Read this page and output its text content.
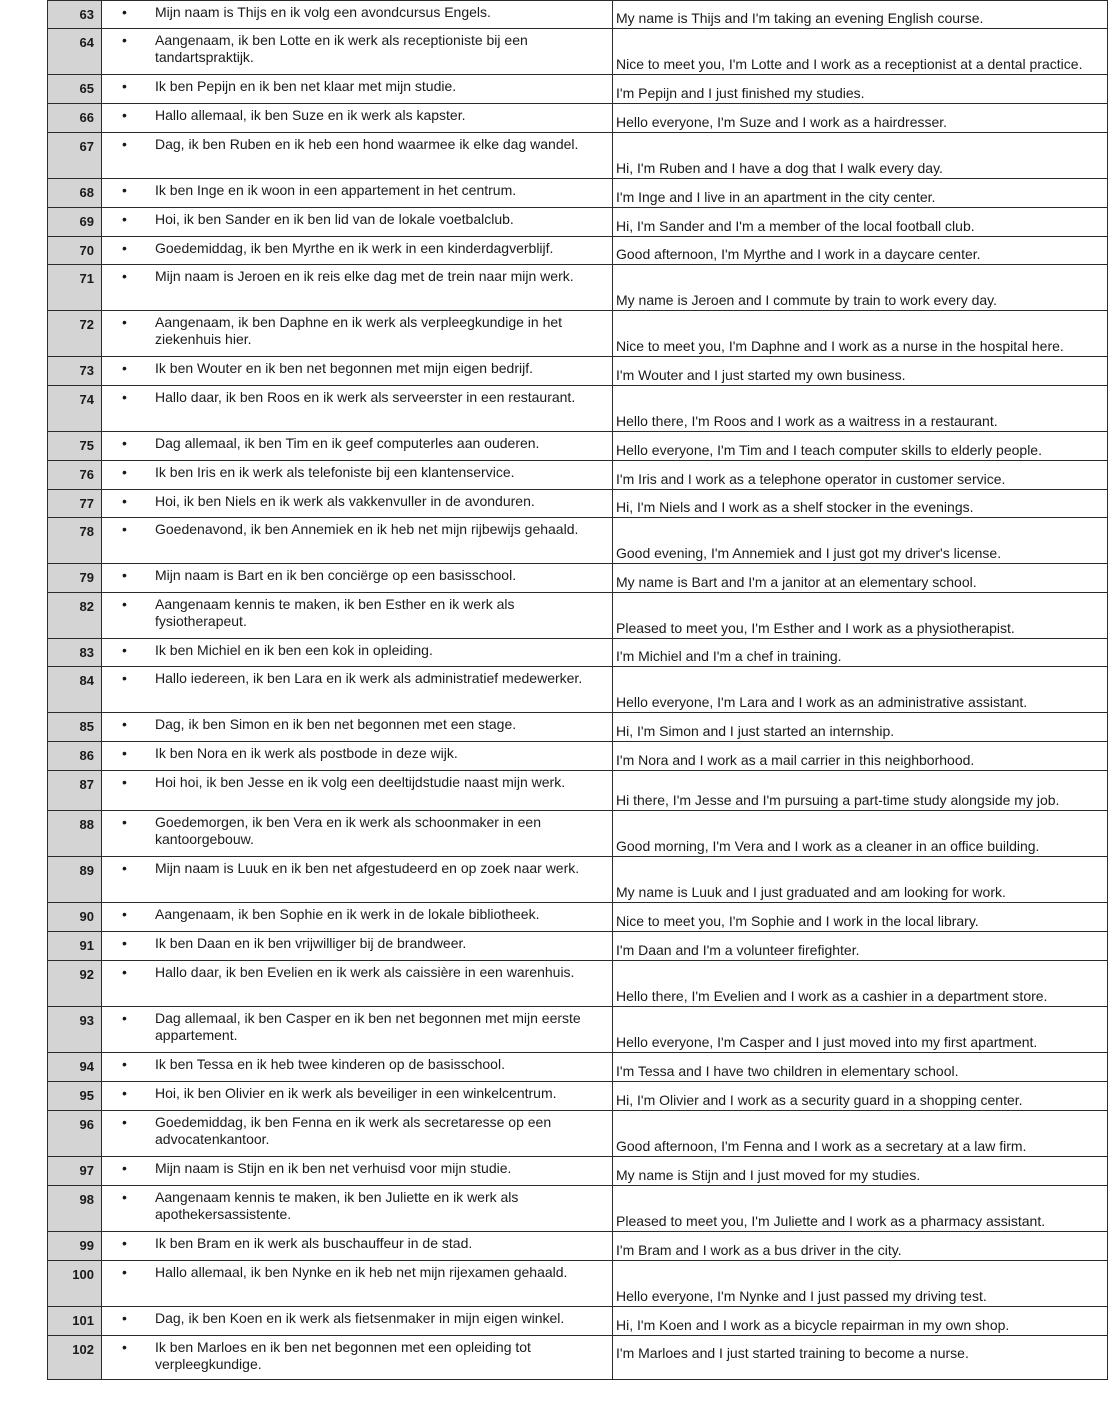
63	• Mijn naam is Thijs en ik volg een avondcursus Engels.	My name is Thijs and I'm taking an evening English course.
64	• Aangenaam, ik ben Lotte en ik werk als receptioniste bij een tandartspraktijk.	Nice to meet you, I'm Lotte and I work as a receptionist at a dental practice.
65	• Ik ben Pepijn en ik ben net klaar met mijn studie.	I'm Pepijn and I just finished my studies.
66	• Hallo allemaal, ik ben Suze en ik werk als kapster.	Hello everyone, I'm Suze and I work as a hairdresser.
67	• Dag, ik ben Ruben en ik heb een hond waarmee ik elke dag wandel.	Hi, I'm Ruben and I have a dog that I walk every day.
68	• Ik ben Inge en ik woon in een appartement in het centrum.	I'm Inge and I live in an apartment in the city center.
69	• Hoi, ik ben Sander en ik ben lid van de lokale voetbalclub.	Hi, I'm Sander and I'm a member of the local football club.
70	• Goedemiddag, ik ben Myrthe en ik werk in een kinderdagverblijf.	Good afternoon, I'm Myrthe and I work in a daycare center.
71	• Mijn naam is Jeroen en ik reis elke dag met de trein naar mijn werk.	My name is Jeroen and I commute by train to work every day.
72	• Aangenaam, ik ben Daphne en ik werk als verpleegkundige in het ziekenhuis hier.	Nice to meet you, I'm Daphne and I work as a nurse in the hospital here.
73	• Ik ben Wouter en ik ben net begonnen met mijn eigen bedrijf.	I'm Wouter and I just started my own business.
74	• Hallo daar, ik ben Roos en ik werk als serveerster in een restaurant.	Hello there, I'm Roos and I work as a waitress in a restaurant.
75	• Dag allemaal, ik ben Tim en ik geef computerles aan ouderen.	Hello everyone, I'm Tim and I teach computer skills to elderly people.
76	• Ik ben Iris en ik werk als telefoniste bij een klantenservice.	I'm Iris and I work as a telephone operator in customer service.
77	• Hoi, ik ben Niels en ik werk als vakkenvuller in de avonduren.	Hi, I'm Niels and I work as a shelf stocker in the evenings.
78	• Goedenavond, ik ben Annemiek en ik heb net mijn rijbewijs gehaald.	Good evening, I'm Annemiek and I just got my driver's license.
79	• Mijn naam is Bart en ik ben conciërge op een basisschool.	My name is Bart and I'm a janitor at an elementary school.
82	• Aangenaam kennis te maken, ik ben Esther en ik werk als fysiotherapeut.	Pleased to meet you, I'm Esther and I work as a physiotherapist.
83	• Ik ben Michiel en ik ben een kok in opleiding.	I'm Michiel and I'm a chef in training.
84	• Hallo iedereen, ik ben Lara en ik werk als administratief medewerker.	Hello everyone, I'm Lara and I work as an administrative assistant.
85	• Dag, ik ben Simon en ik ben net begonnen met een stage.	Hi, I'm Simon and I just started an internship.
86	• Ik ben Nora en ik werk als postbode in deze wijk.	I'm Nora and I work as a mail carrier in this neighborhood.
87	• Hoi hoi, ik ben Jesse en ik volg een deeltijdstudie naast mijn werk.	Hi there, I'm Jesse and I'm pursuing a part-time study alongside my job.
88	• Goedemorgen, ik ben Vera en ik werk als schoonmaker in een kantoorgebouw.	Good morning, I'm Vera and I work as a cleaner in an office building.
89	• Mijn naam is Luuk en ik ben net afgestudeerd en op zoek naar werk.	My name is Luuk and I just graduated and am looking for work.
90	• Aangenaam, ik ben Sophie en ik werk in de lokale bibliotheek.	Nice to meet you, I'm Sophie and I work in the local library.
91	• Ik ben Daan en ik ben vrijwilliger bij de brandweer.	I'm Daan and I'm a volunteer firefighter.
92	• Hallo daar, ik ben Evelien en ik werk als caissière in een warenhuis.	Hello there, I'm Evelien and I work as a cashier in a department store.
93	• Dag allemaal, ik ben Casper en ik ben net begonnen met mijn eerste appartement.	Hello everyone, I'm Casper and I just moved into my first apartment.
94	• Ik ben Tessa en ik heb twee kinderen op de basisschool.	I'm Tessa and I have two children in elementary school.
95	• Hoi, ik ben Olivier en ik werk als beveiliger in een winkelcentrum.	Hi, I'm Olivier and I work as a security guard in a shopping center.
96	• Goedemiddag, ik ben Fenna en ik werk als secretaresse op een advocatenkantoor.	Good afternoon, I'm Fenna and I work as a secretary at a law firm.
97	• Mijn naam is Stijn en ik ben net verhuisd voor mijn studie.	My name is Stijn and I just moved for my studies.
98	• Aangenaam kennis te maken, ik ben Juliette en ik werk als apothekersassistente.	Pleased to meet you, I'm Juliette and I work as a pharmacy assistant.
99	• Ik ben Bram en ik werk als buschauffeur in de stad.	I'm Bram and I work as a bus driver in the city.
100	• Hallo allemaal, ik ben Nynke en ik heb net mijn rijexamen gehaald.	Hello everyone, I'm Nynke and I just passed my driving test.
101	• Dag, ik ben Koen en ik werk als fietsenmaker in mijn eigen winkel.	Hi, I'm Koen and I work as a bicycle repairman in my own shop.
102	• Ik ben Marloes en ik ben net begonnen met een opleiding tot verpleegkundige.	I'm Marloes and I just started training to become a nurse.
